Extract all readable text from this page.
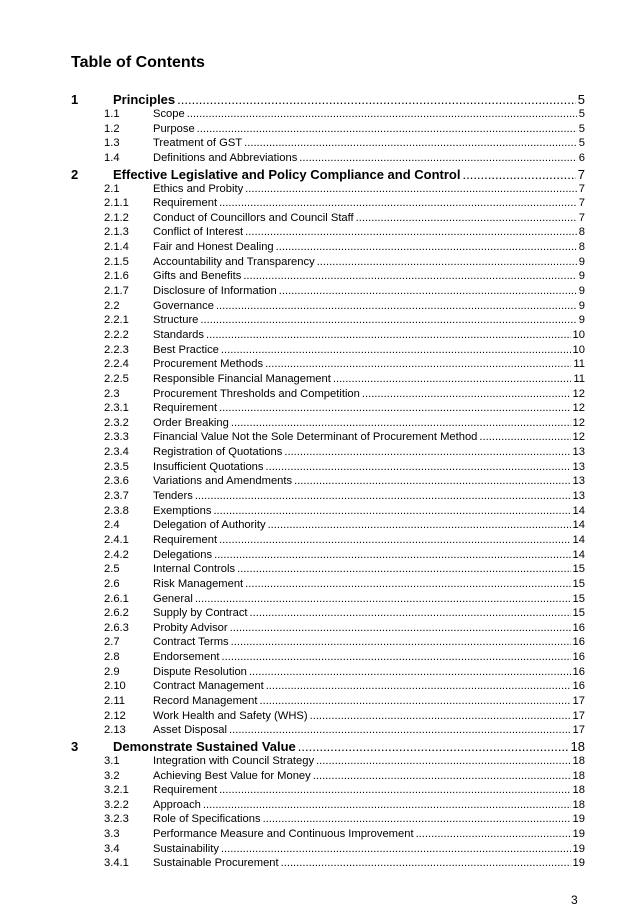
Table of Contents
1	Principles .....	5
1.1	Scope .....	5
1.2	Purpose .....	5
1.3	Treatment of GST .....	5
1.4	Definitions and Abbreviations .....	6
2	Effective Legislative and Policy Compliance and Control .....	7
2.1	Ethics and Probity .....	7
2.1.1	Requirement .....	7
2.1.2	Conduct of Councillors and Council Staff .....	7
2.1.3	Conflict of Interest .....	8
2.1.4	Fair and Honest Dealing .....	8
2.1.5	Accountability and Transparency .....	9
2.1.6	Gifts and Benefits .....	9
2.1.7	Disclosure of Information .....	9
2.2	Governance .....	9
2.2.1	Structure .....	9
2.2.2	Standards .....	10
2.2.3	Best Practice .....	10
2.2.4	Procurement Methods .....	11
2.2.5	Responsible Financial Management .....	11
2.3	Procurement Thresholds and Competition .....	12
2.3.1	Requirement .....	12
2.3.2	Order Breaking .....	12
2.3.3	Financial Value Not the Sole Determinant of Procurement Method .....	12
2.3.4	Registration of Quotations .....	13
2.3.5	Insufficient Quotations .....	13
2.3.6	Variations and Amendments .....	13
2.3.7	Tenders .....	13
2.3.8	Exemptions .....	14
2.4	Delegation of Authority .....	14
2.4.1	Requirement .....	14
2.4.2	Delegations .....	14
2.5	Internal Controls .....	15
2.6	Risk Management .....	15
2.6.1	General .....	15
2.6.2	Supply by Contract .....	15
2.6.3	Probity Advisor .....	16
2.7	Contract Terms .....	16
2.8	Endorsement .....	16
2.9	Dispute Resolution .....	16
2.10	Contract Management .....	16
2.11	Record Management .....	17
2.12	Work Health and Safety (WHS) .....	17
2.13	Asset Disposal .....	17
3	Demonstrate Sustained Value .....	18
3.1	Integration with Council Strategy .....	18
3.2	Achieving Best Value for Money .....	18
3.2.1	Requirement .....	18
3.2.2	Approach .....	18
3.2.3	Role of Specifications .....	19
3.3	Performance Measure and Continuous Improvement .....	19
3.4	Sustainability .....	19
3.4.1	Sustainable Procurement .....	19
3
